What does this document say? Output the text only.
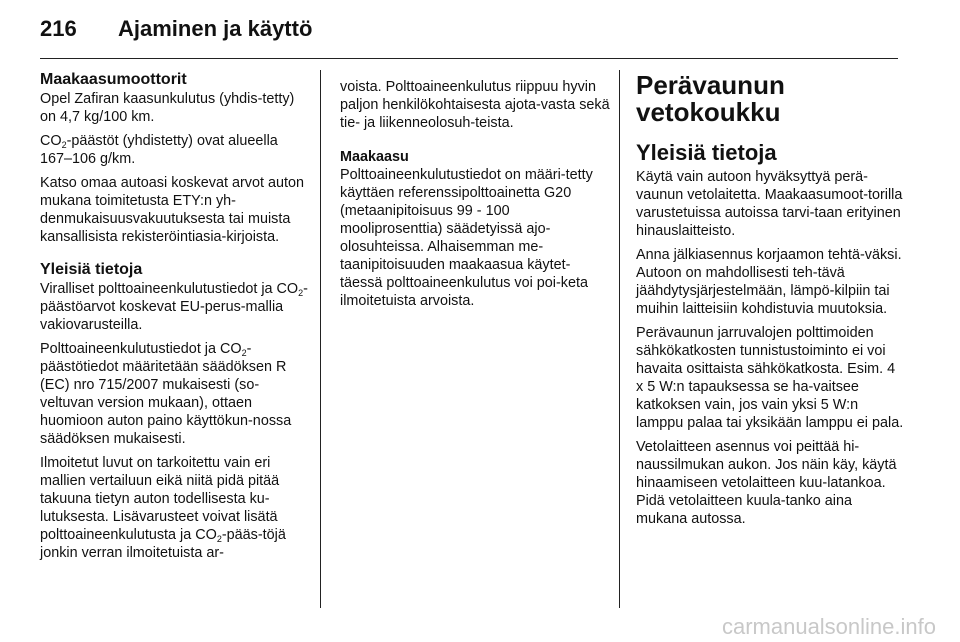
216	Ajaminen ja käyttö
Maakaasumoottorit

Opel Zafiran kaasunkulutus (yhdis-tetty) on 4,7 kg/100 km.

$CO_2$-päästöt (yhdistetty) ovat alueella 167–106 g/km.

Katso omaa autoasi koskevat arvot auton mukana toimitetusta ETY:n yh-denmukaisuusvakuutuksesta tai muista kansallisista rekisteröintiasia-kirjoista.

Yleisiä tietoja

Viralliset polttoaineenkulutustiedot ja $CO_2$-päästöarvot koskevat EU-perus-mallia vakiovarusteilla.

Polttoaineenkulutustiedot ja $CO_2$-päästötiedot määritetään säädöksen R (EC) nro 715/2007 mukaisesti (so-veltuvan version mukaan), ottaen huomioon auton paino käyttökun-nossa säädöksen mukaisesti.

Ilmoitetut luvut on tarkoitettu vain eri mallien vertailuun eikä niitä pidä pitää takuuna tietyn auton todellisesta ku-lutuksesta. Lisävarusteet voivat lisätä polttoaineenkulutusta ja $CO_2-pääs$-töjä jonkin verran ilmoitetuista ar-

voista. Polttoaineenkulutus riippuu hyvin paljon henkilökohtaisesta ajota-vasta sekä tie- ja liikenneolosuh-teista.

Maakaasu

Polttoaineenkulutustiedot on määri-tetty käyttäen referenssipolttoainetta G20 (metaanipitoisuus 99 - 100 mooliprosenttia) säädetyissä ajo-olosuhteissa. Alhaisemman me-taanipitoisuuden maakaasua käytet-täessä polttoaineenkulutus voi poi-keta ilmoitetuista arvoista.

Perävaunun
vetokoukku
Yleisiä tietoja

Käytä vain autoon hyväksyttyä perä-vaunun vetolaitetta. Maakaasumoot-torilla varustetuissa autoissa tarvi-taan erityinen hinauslaitteisto.

Anna jälkiasennus korjaamon tehtä-väksi. Autoon on mahdollisesti teh-tävä jäähdytysjärjestelmään, lämpö-kilpiin tai muihin laitteisiin kohdistuvia muutoksia.

Perävaunun jarruvalojen polttimoiden sähkökatkosten tunnistustoiminto ei voi havaita osittaista sähkökatkosta. Esim. 4 x 5 W:n tapauksessa se ha-vaitsee katkoksen vain, jos vain yksi 5 W:n lamppu palaa tai yksikään lamppu ei pala.

Vetolaitteen asennus voi peittää hi-naussilmukan aukon. Jos näin käy, käytä hinaamiseen vetolaitteen kuu-latankoa. Pidä vetolaitteen kuula-tanko aina mukana autossa.

carmanualsonline.info
